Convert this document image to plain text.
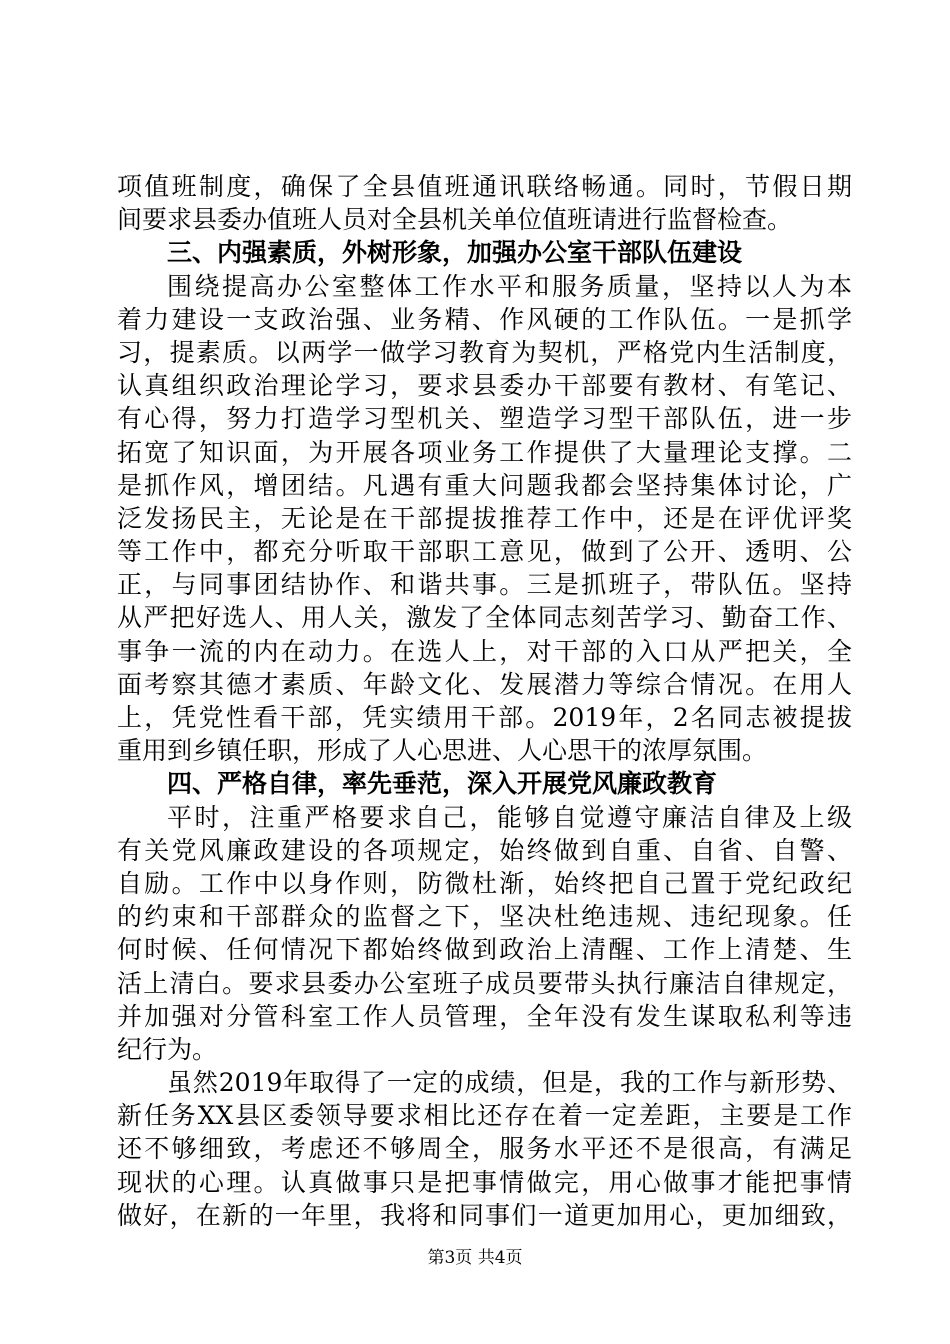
项值班制度，确保了全县值班通讯联络畅通。同时，节假日期
间要求县委办值班人员对全县机关单位值班请进行监督检查。
三、内强素质，外树形象，加强办公室干部队伍建设
围绕提高办公室整体工作水平和服务质量，坚持以人为本
着力建设一支政治强、业务精、作风硬的工作队伍。一是抓学
习，提素质。以两学一做学习教育为契机，严格党内生活制度，
认真组织政治理论学习，要求县委办干部要有教材、有笔记、
有心得，努力打造学习型机关、塑造学习型干部队伍，进一步
拓宽了知识面，为开展各项业务工作提供了大量理论支撑。二
是抓作风，增团结。凡遇有重大问题我都会坚持集体讨论，广
泛发扬民主，无论是在干部提拔推荐工作中，还是在评优评奖
等工作中，都充分听取干部职工意见，做到了公开、透明、公
正，与同事团结协作、和谐共事。三是抓班子，带队伍。坚持
从严把好选人、用人关，激发了全体同志刻苦学习、勤奋工作、
事争一流的内在动力。在选人上，对干部的入口从严把关，全
面考察其德才素质、年龄文化、发展潜力等综合情况。在用人
上，凭党性看干部，凭实绩用干部。2019年，2名同志被提拔
重用到乡镇任职，形成了人心思进、人心思干的浓厚氛围。
四、严格自律，率先垂范，深入开展党风廉政教育
平时，注重严格要求自己，能够自觉遵守廉洁自律及上级
有关党风廉政建设的各项规定，始终做到自重、自省、自警、
自励。工作中以身作则，防微杜渐，始终把自己置于党纪政纪
的约束和干部群众的监督之下，坚决杜绝违规、违纪现象。任
何时候、任何情况下都始终做到政治上清醒、工作上清楚、生
活上清白。要求县委办公室班子成员要带头执行廉洁自律规定，
并加强对分管科室工作人员管理，全年没有发生谋取私利等违
纪行为。
虽然2019年取得了一定的成绩，但是，我的工作与新形势、
新任务XX县区委领导要求相比还存在着一定差距，主要是工作
还不够细致，考虑还不够周全，服务水平还不是很高，有满足
现状的心理。认真做事只是把事情做完，用心做事才能把事情
做好，在新的一年里，我将和同事们一道更加用心，更加细致，
第3页 共4页
